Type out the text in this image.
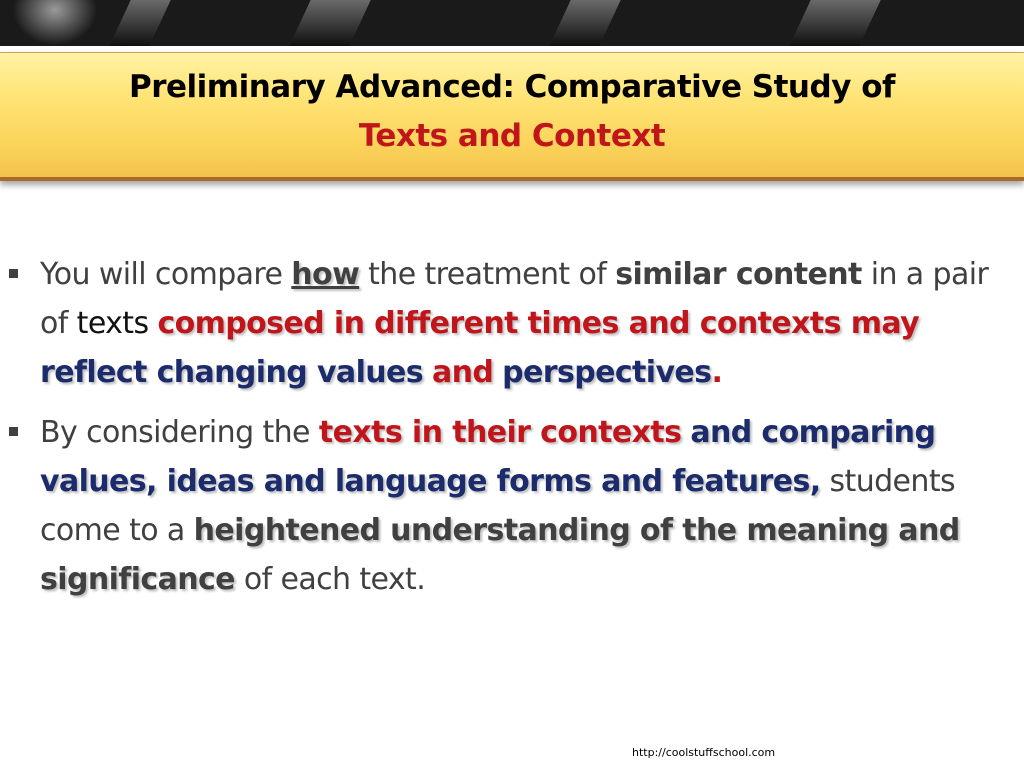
Preliminary Advanced: Comparative Study of
Texts and Context
You will compare how the treatment of similar content in a pair of texts composed in different times and contexts may reflect changing values and perspectives.
By considering the texts in their contexts and comparing values, ideas and language forms and features, students come to a heightened understanding of the meaning and significance of each text.
http://coolstuffschool.com
